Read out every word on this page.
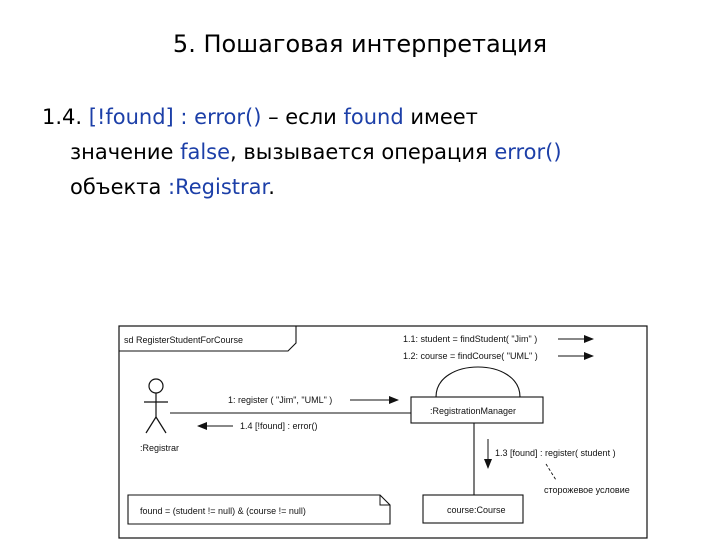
5. Пошаговая интерпретация
1.4. [!found] : error() – если found имеет
значение false, вызывается операция error()
объекта :Registrar.
sd RegisterStudentForCourse
:Registrar
1: register ( "Jim", "UML" )
1.4 [!found] : error()
:RegistrationManager
1.1: student = findStudent( "Jim" )
1.2: course = findCourse( "UML" )
1.3 [found] : register( student )
сторожевое условие
course:Course
found = (student != null) & (course != null)
